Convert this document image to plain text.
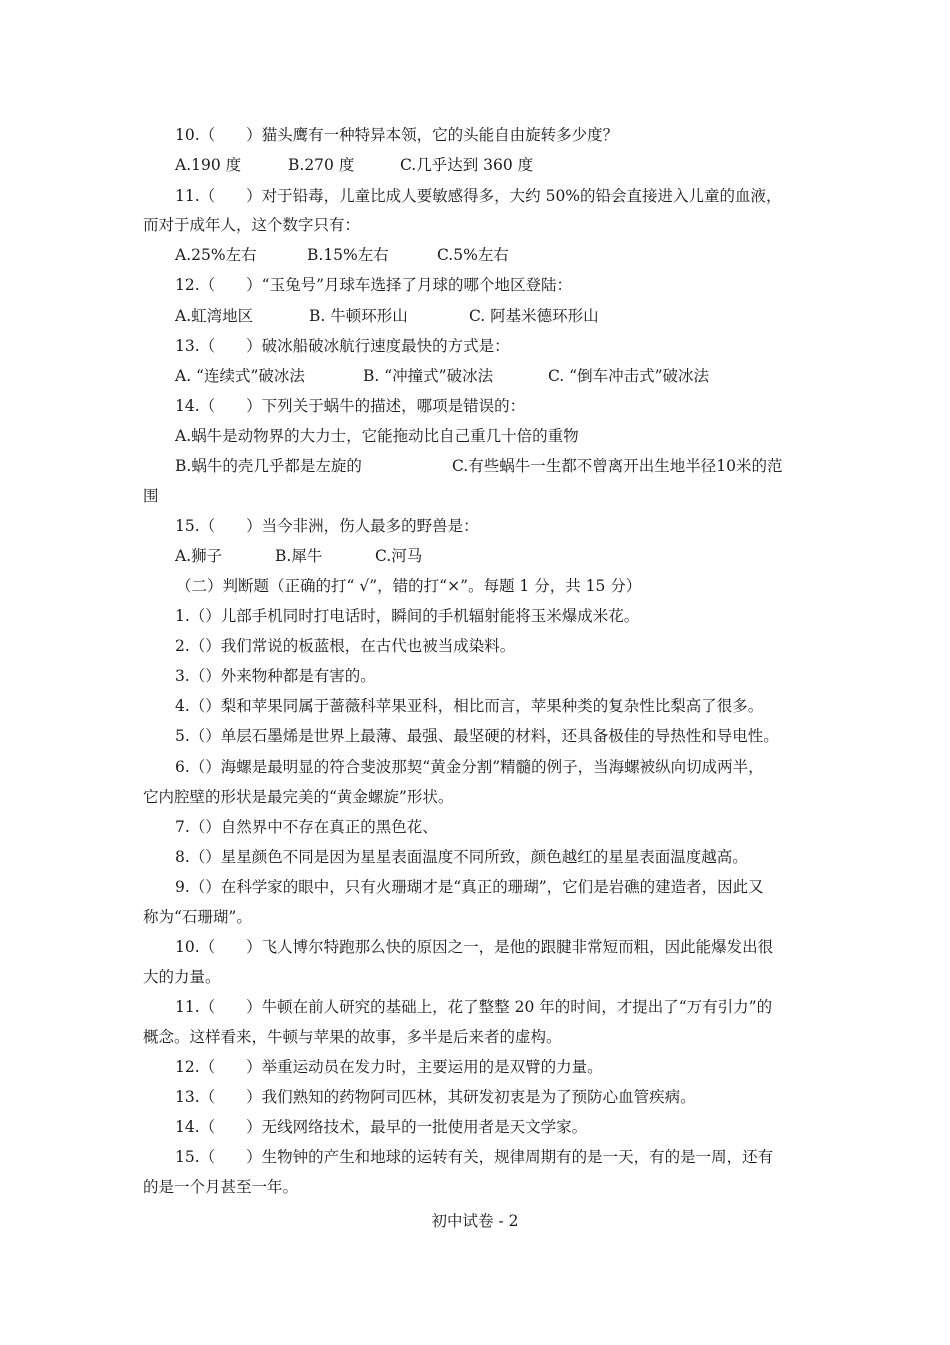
10.（　　）猫头鹰有一种特异本领，它的头能自由旋转多少度？
A.190 度	B.270 度	C.几乎达到 360 度
11.（　　）对于铅毒，儿童比成人要敏感得多，大约 50%的铅会直接进入儿童的血液，
而对于成年人，这个数字只有：
A.25%左右	B.15%左右	C.5%左右
12.（　　）“玉兔号”月球车选择了月球的哪个地区登陆：
A.虹湾地区	B. 牛顿环形山	C. 阿基米德环形山
13.（　　）破冰船破冰航行速度最快的方式是：
A. “连续式”破冰法	B. “冲撞式”破冰法	C. “倒车冲击式”破冰法
14.（　　）下列关于蜗牛的描述，哪项是错误的：
A.蜗牛是动物界的大力士，它能拖动比自己重几十倍的重物
B.蜗牛的壳几乎都是左旋的	C.有些蜗牛一生都不曾离开出生地半径10米的范
围
15.（　　）当今非洲，伤人最多的野兽是：
A.狮子	B.犀牛	C.河马
（二）判断题（正确的打“ √”，错的打“×”。每题 1 分，共 15 分）
1.（）儿部手机同时打电话时，瞬间的手机辐射能将玉米爆成米花。
2.（）我们常说的板蓝根，在古代也被当成染料。
3.（）外来物种都是有害的。
4.（）梨和苹果同属于蔷薇科苹果亚科，相比而言，苹果种类的复杂性比梨高了很多。
5.（）单层石墨烯是世界上最薄、最强、最坚硬的材料，还具备极佳的导热性和导电性。
6.（）海螺是最明显的符合斐波那契“黄金分割”精髓的例子，当海螺被纵向切成两半，
它内腔壁的形状是最完美的“黄金螺旋”形状。
7.（）自然界中不存在真正的黑色花、
8.（）星星颜色不同是因为星星表面温度不同所致，颜色越红的星星表面温度越高。
9.（）在科学家的眼中，只有火珊瑚才是“真正的珊瑚”，它们是岩礁的建造者，因此又
称为“石珊瑚”。
10.（　　）飞人博尔特跑那么快的原因之一，是他的跟腱非常短而粗，因此能爆发出很
大的力量。
11.（　　）牛顿在前人研究的基础上，花了整整 20 年的时间，才提出了“万有引力”的
概念。这样看来，牛顿与苹果的故事，多半是后来者的虚构。
12.（　　）举重运动员在发力时，主要运用的是双臂的力量。
13.（　　）我们熟知的药物阿司匹林，其研发初衷是为了预防心血管疾病。
14.（　　）无线网络技术，最早的一批使用者是天文学家。
15.（　　）生物钟的产生和地球的运转有关，规律周期有的是一天，有的是一周，还有
的是一个月甚至一年。
初中试卷 - 2
